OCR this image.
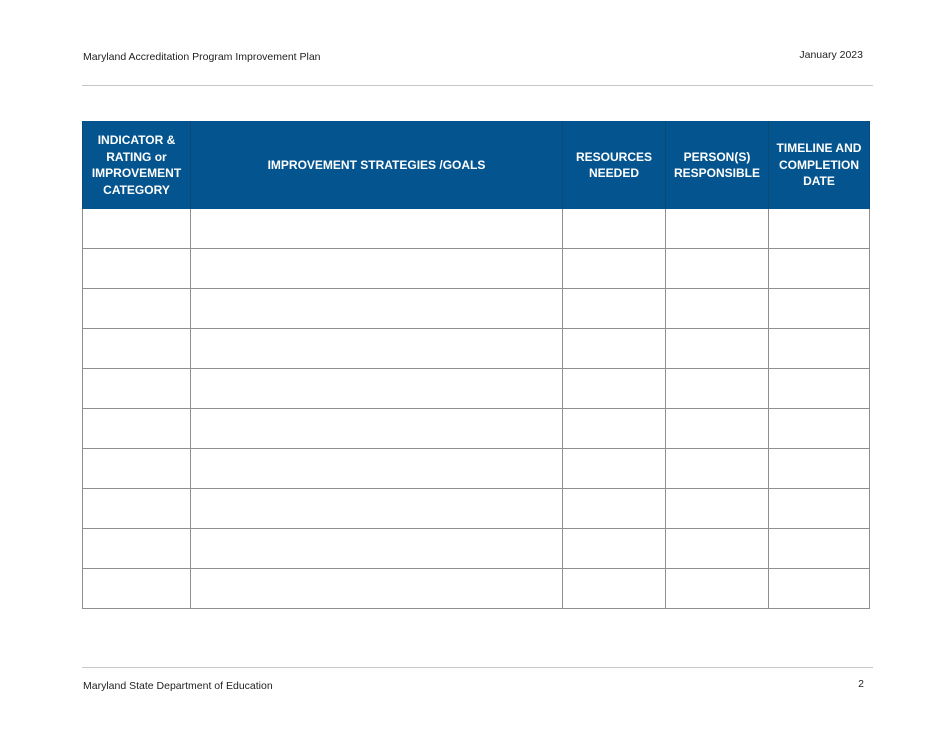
Maryland Accreditation Program Improvement Plan	January 2023
INDICATOR & RATING or IMPROVEMENT CATEGORY	IMPROVEMENT STRATEGIES /GOALS	RESOURCES NEEDED	PERSON(S) RESPONSIBLE	TIMELINE AND COMPLETION DATE

Maryland State Department of Education	2
